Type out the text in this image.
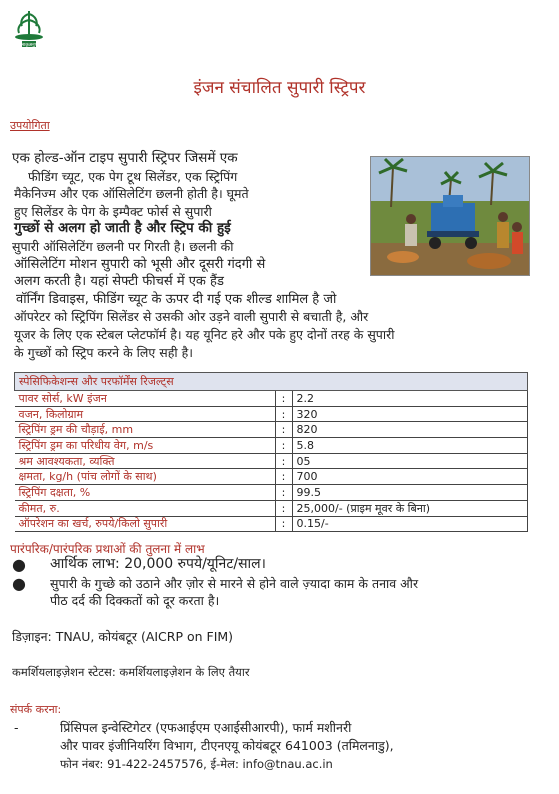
भाकृअनुप
इंजन संचालित सुपारी स्ट्रिपर
उपयोगिता
एक होल्ड-ऑन टाइप सुपारी स्ट्रिपर जिसमें एक
फीडिंग च्यूट, एक पेग टूथ सिलेंडर, एक स्ट्रिपिंग
मैकेनिज्म और एक ऑसिलेटिंग छलनी होती है। घूमते
हुए सिलेंडर के पेग के इम्पैक्ट फोर्स से सुपारी
गुच्छों से अलग हो जाती है और स्ट्रिप की हुई
सुपारी ऑसिलेटिंग छलनी पर गिरती है। छलनी की
ऑसिलेटिंग मोशन सुपारी को भूसी और दूसरी गंदगी से
अलग करती है। यहां सेफ्टी फीचर्स में एक हैंड
वॉर्निंग डिवाइस, फीडिंग च्यूट के ऊपर दी गई एक शील्ड शामिल है जो
ऑपरेटर को स्ट्रिपिंग सिलेंडर से उसकी ओर उड़ने वाली सुपारी से बचाती है, और
यूजर के लिए एक स्टेबल प्लेटफॉर्म है। यह यूनिट हरे और पके हुए दोनों तरह के सुपारी
के गुच्छों को स्ट्रिप करने के लिए सही है।
स्पेसिफिकेशन्स और परफॉर्मेंस रिजल्ट्स		
पावर सोर्स, kW इंजन	:	2.2
वजन, किलोग्राम	:	320
स्ट्रिपिंग ड्रम की चौड़ाई, mm	:	820
स्ट्रिपिंग ड्रम का परिधीय वेग, m/s	:	5.8
श्रम आवश्यकता, व्यक्ति	:	05
क्षमता, kg/h (पांच लोगों के साथ)	:	700
स्ट्रिपिंग दक्षता, %	:	99.5
कीमत, रु.	:	25,000/- (प्राइम मूवर के बिना)
ऑपरेशन का खर्च, रुपये/किलो सुपारी	:	0.15/-
पारंपरिक/पारंपरिक प्रथाओं की तुलना में लाभ
●	आर्थिक लाभ: 20,000 रुपये/यूनिट/साल।
●	सुपारी के गुच्छे को उठाने और ज़ोर से मारने से होने वाले ज़्यादा काम के तनाव और पीठ दर्द की दिक्कतों को दूर करता है।
डिज़ाइन: TNAU, कोयंबटूर (AICRP on FIM)
कमर्शियलाइज़ेशन स्टेटस: कमर्शियलाइज़ेशन के लिए तैयार
संपर्क करना:
-	प्रिंसिपल इन्वेस्टिगेटर (एफआईएम एआईसीआरपी), फार्म मशीनरी
और पावर इंजीनियरिंग विभाग, टीएनएयू कोयंबटूर 641003 (तमिलनाडु),
फोन नंबर: 91-422-2457576, ई-मेल: info@tnau.ac.in
